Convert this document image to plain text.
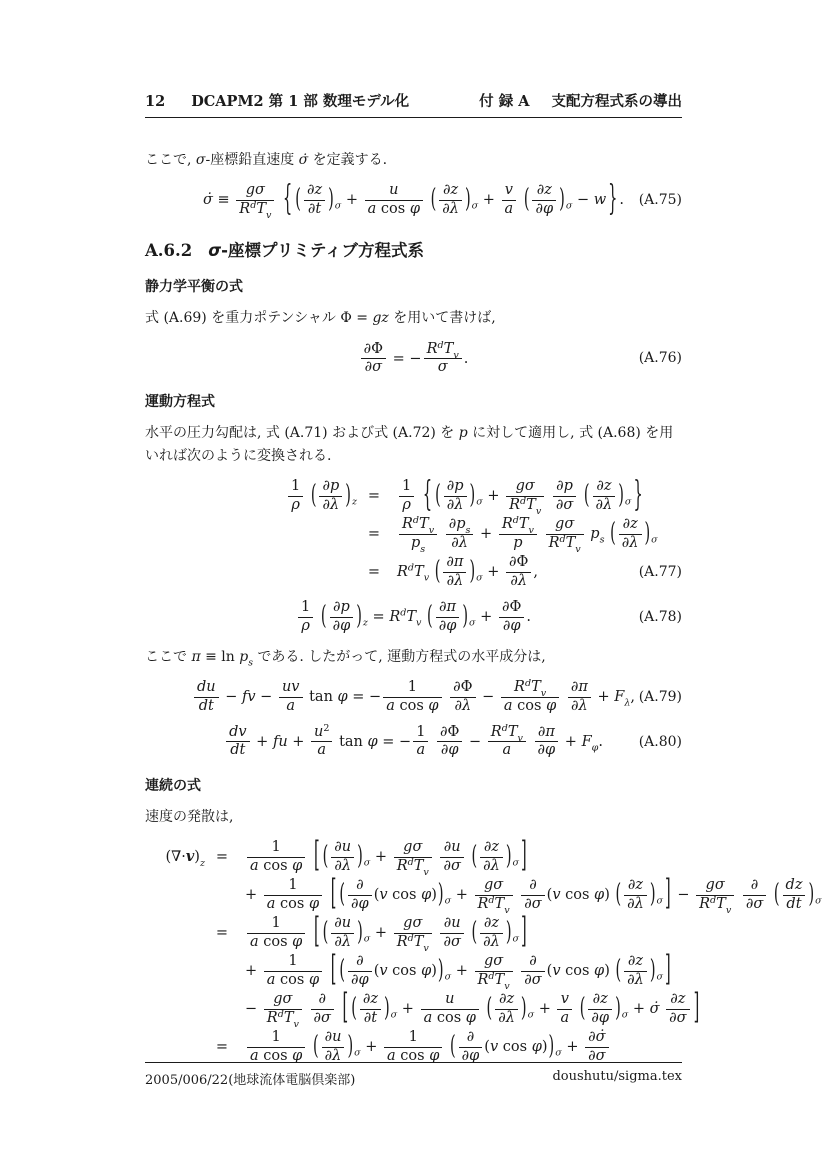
12 DCAPM2 第 1 部 数理モデル化	付 録 A 支配方程式系の導出

ここで, σ-座標鉛直速度 σ̇ を定義する.

σ̇ ≡
gσ
$R^dT_v$ { ( $\frac{\partial z}{\partial t} )_\sigma + \frac{u}{\text{a cos φ}}$ ( $\frac{\partial z}{\partial\lambda} )_\sigma + \frac{v}{a}$ ( $\frac{\partial z}{\partial\varphi} )_\sigma - w$ } . (A.75)
A.6.2 σ-座標プリミティブ方程式系
静力学平衡の式

式 (A.69) を重力ポテンシャル Φ = gz を用いて書けば,

$\frac{\partial\Phi}{\partial\sigma}$ = −
$R^dT_v$
σ
.	(A.76)
運動方程式

水平の圧力勾配は, 式 (A.71) および式 (A.72) を p に対して適用し, 式 (A.68) を用いれば次のように変換される.

$\frac{1}{\rho}$ ( $\frac{\partial p}{\partial\lambda} )_z$ =	$\frac{1}{\rho}$ { ( $\frac{\partial p}{\partial\lambda} )_\sigma$ +
gσ
$R^dT_v$
$\frac{\partial p}{\partial\sigma}$ ( $\frac{\partial z}{\partial\lambda} )_\sigma$ }
=
$R^dT_v$
$p_s$
	$\frac{\partial p_s}{\partial\lambda}$ +
$R^dT_v$
p

gσ
$R^dT_v$
$p_s$ ( $\frac{\partial z}{\partial\lambda} )_\sigma$
=	$R^dT_v$ ( $\frac{\partial\pi}{\partial\lambda} )_\sigma + \frac{\partial\Phi}{\partial\lambda}$ ,	(A.77)
$\frac{1}{\rho}$ ( $\frac{\partial p}{\partial\varphi} )_z = R^dT_v$ ( $\frac{\partial\pi}{\partial\varphi} )_\sigma + \frac{\partial\Phi}{\partial\varphi}$ .	(A.78)

ここで $\pi \equiv \ln p_s$ である. したがって, 運動方程式の水平成分は,

$\frac{du}{dt}$ − fv − $\frac{uv}{a}$ tan φ = − $\frac{1}{\text{a cos φ}}$
$\frac{\partial\Phi}{\partial\lambda}$ −
$R^dT_v$
a cos φ
$\frac{\partial\pi}{\partial\lambda} + F_\lambda$, (A.79)
$\frac{dv}{dt}$ + fu + $\frac{u^2}{a}$ tan φ = − $\frac{1}{a}$
$\frac{\partial\Phi}{\partial\varphi}$ −
$R^dT_v$
a
	$\frac{\partial\pi}{\partial\varphi} + F_\varphi$.	(A.80)
連続の式

速度の発散は,

$(\nabla\cdot v)_z$ =	$\frac{1}{\text{a cos φ}}$ [ ( $\frac{\partial u}{\partial\lambda} )_\sigma$ +
gσ
$R^dT_v$
$\frac{\partial u}{\partial\sigma}$ ( $\frac{\partial z}{\partial\lambda} )_\sigma$ ]
+ $\frac{1}{\text{a cos φ}}$ [ ( ∂
∂φ
(v $\cos \varphi))_\sigma$ +
gσ
$R^dT_v$

∂
∂σ
(v cos φ) ( $\frac{\partial z}{\partial\lambda} )_\sigma$ ] −
gσ
$R^dT_v$

∂
∂σ ( $\frac{dz}{dt} )_\sigma$
=	$\frac{1}{\text{a cos φ}}$ [ ( $\frac{\partial u}{\partial\lambda} )_\sigma$ +
gσ
$R^dT_v$
$\frac{\partial u}{\partial\sigma}$ ( $\frac{\partial z}{\partial\lambda} )_\sigma$ ]
+ $\frac{1}{\text{a cos φ}}$ [ ( ∂
∂φ
(v $\cos \varphi))_\sigma$ +
gσ
$R^dT_v$

∂
∂σ
(v cos φ) ( $\frac{\partial z}{\partial\lambda} )_\sigma$ ]
−
gσ
$R^dT_v$

∂
∂σ [ ( $\frac{\partial z}{\partial t} )_\sigma + \frac{u}{\text{a cos φ}}$ ( $\frac{\partial z}{\partial\lambda} )_\sigma + \frac{v}{a}$ ( $\frac{\partial z}{\partial\varphi} )_\sigma$ + σ̇ $\frac{\partial z}{\partial\sigma}$ ]
=	$\frac{1}{\text{a cos φ}}$ ( $\frac{\partial u}{\partial\lambda} )_\sigma + \frac{1}{\text{a cos φ}}$ ( ∂
∂φ
(v $\cos \varphi))_\sigma + \frac{\partial\sigmȧ}{\partial\sigma}$
2005/006/22(地球流体電脳倶楽部)	doushutu/sigma.tex
